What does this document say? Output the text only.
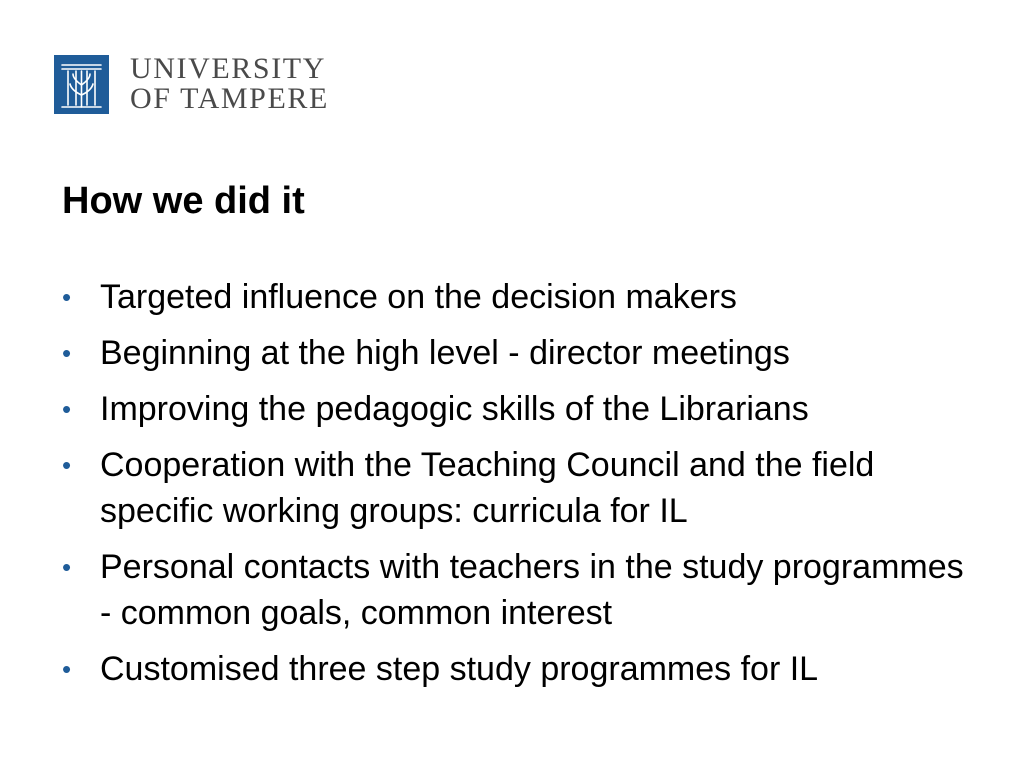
UNIVERSITY
OF TAMPERE
How we did it
• Targeted influence on the decision makers
• Beginning at the high level - director meetings
• Improving the pedagogic skills of the Librarians
• Cooperation with the Teaching Council and the field specific working groups: curricula for IL
• Personal contacts with teachers in the study programmes - common goals, common interest
• Customised three step study programmes for IL
